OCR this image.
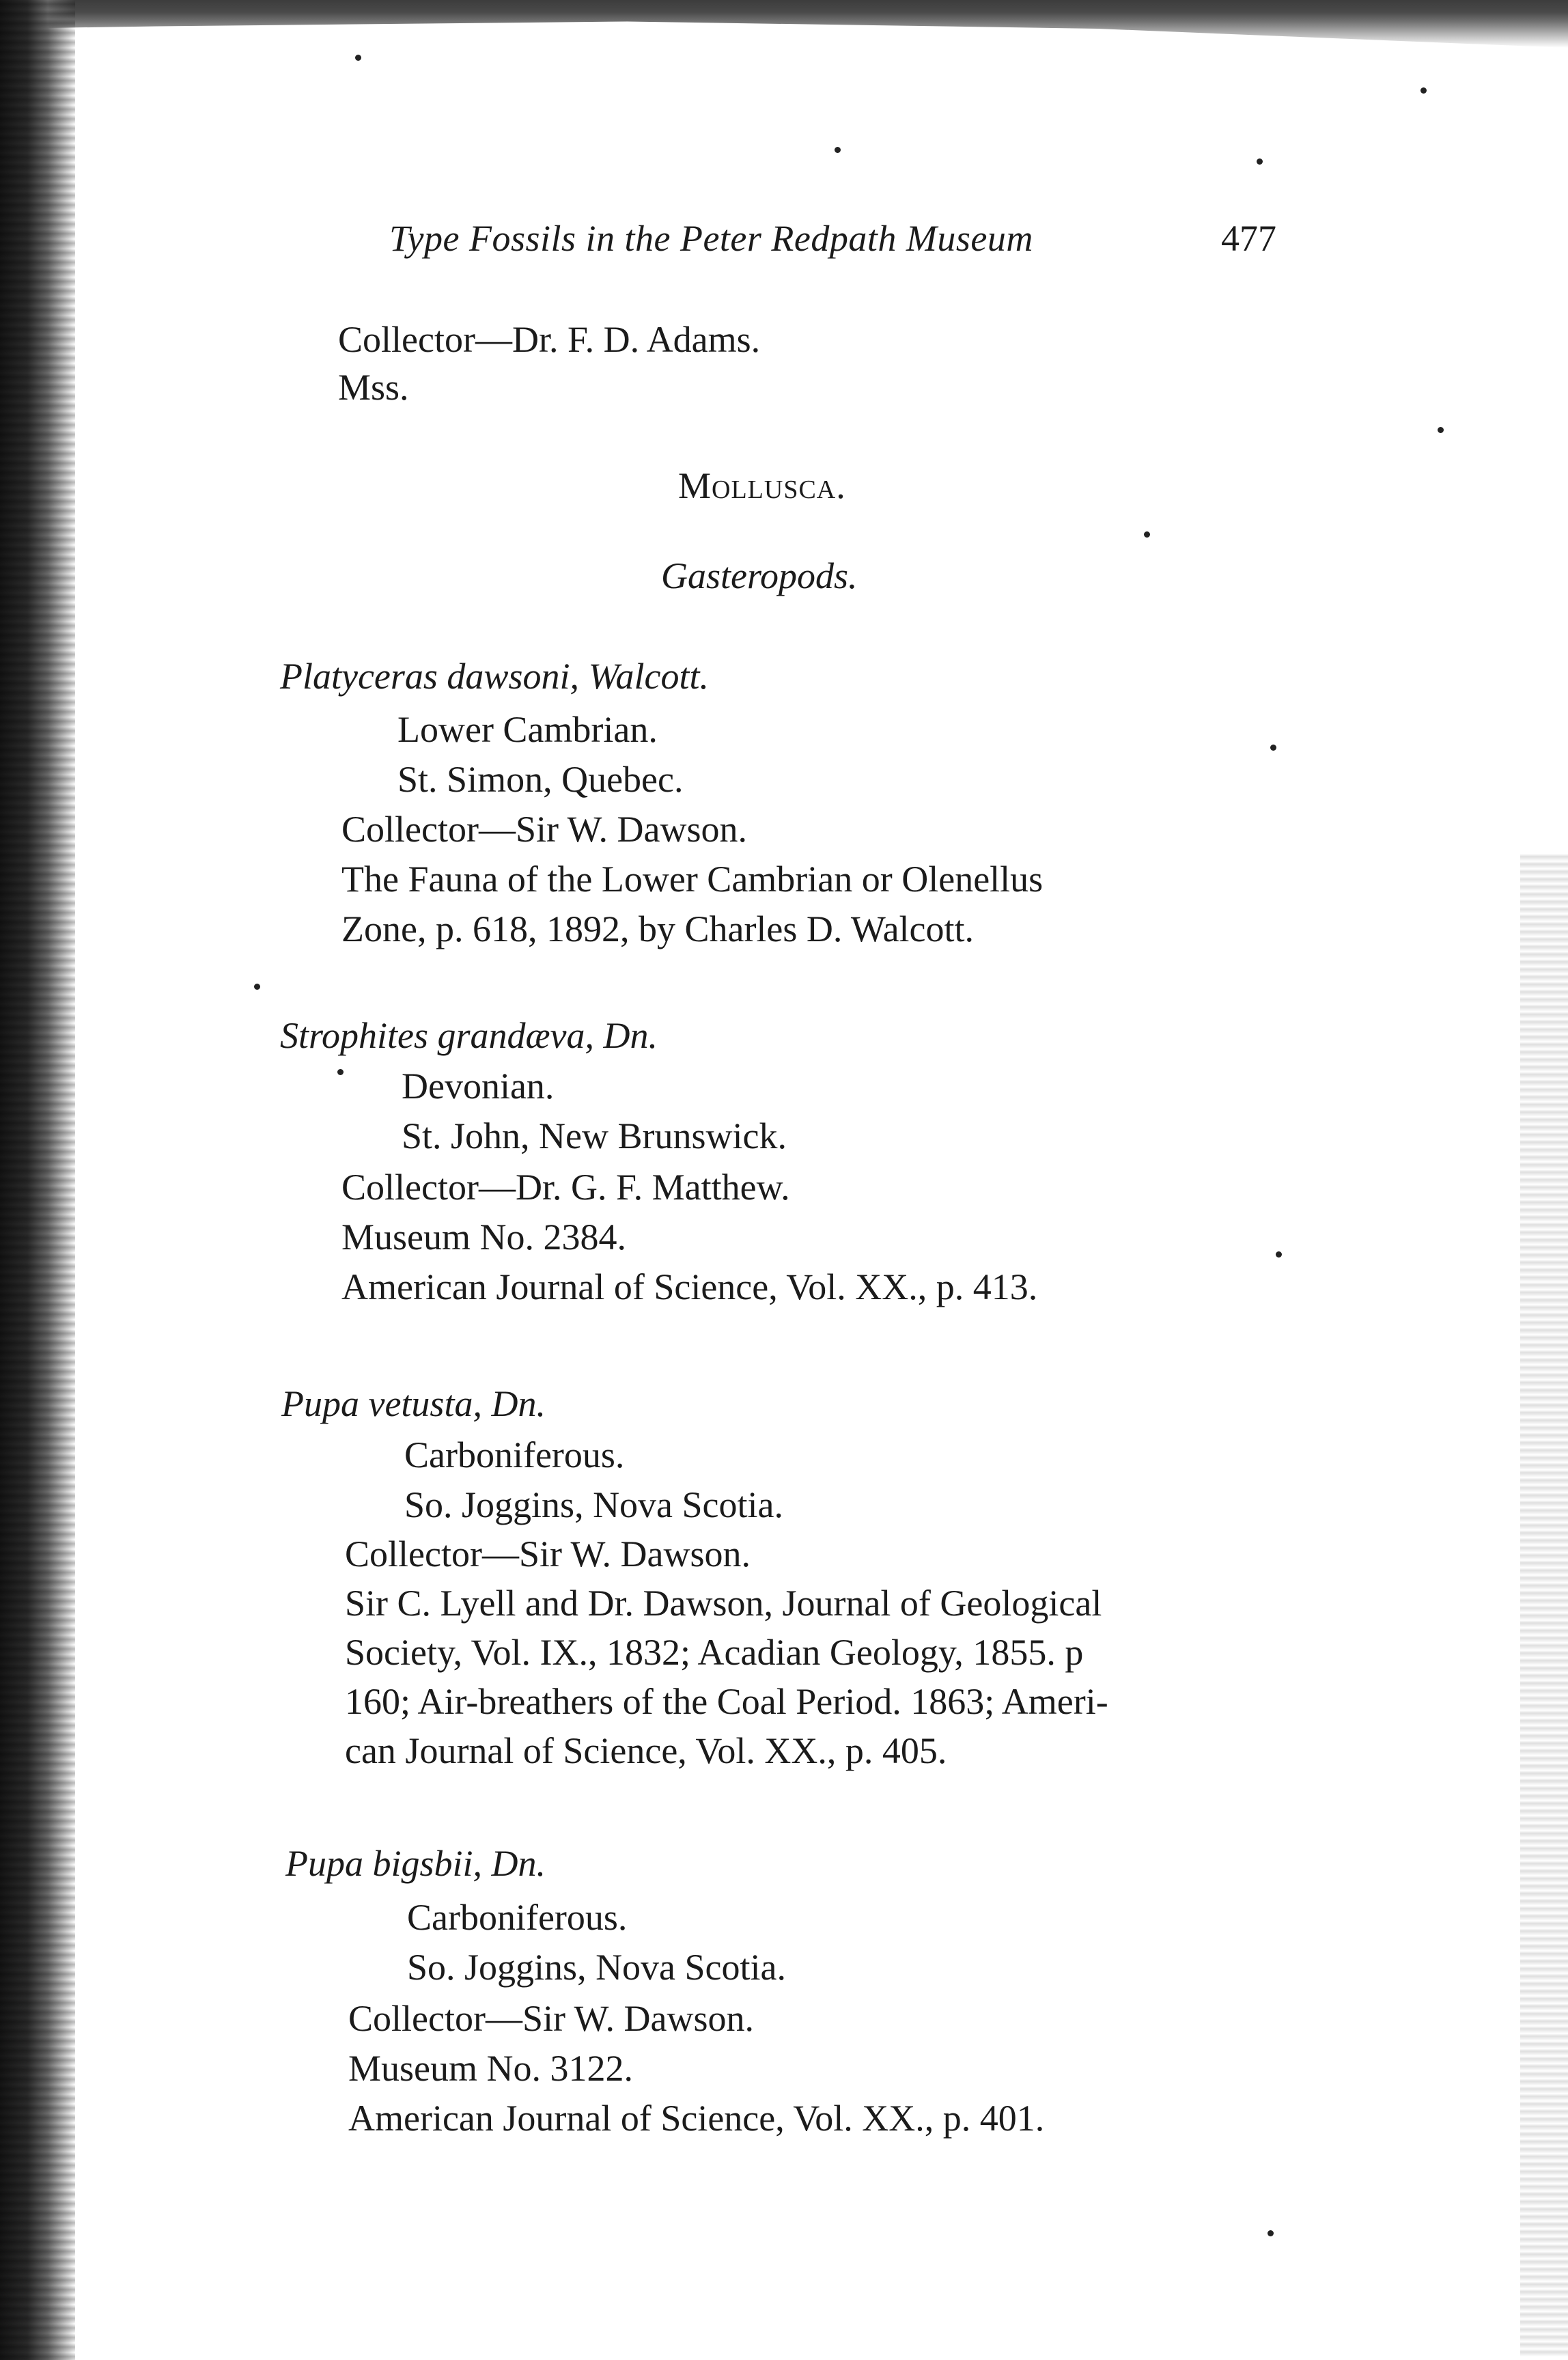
Type Fossils in the Peter Redpath Museum	477
Collector—Dr. F. D. Adams.
Mss.
Mollusca.
Gasteropods.
Platyceras dawsoni, Walcott.
Lower Cambrian.
St. Simon, Quebec.
Collector—Sir W. Dawson.
The Fauna of the Lower Cambrian or Olenellus
Zone, p. 618, 1892, by Charles D. Walcott.
Strophites grandæva, Dn.
Devonian.
St. John, New Brunswick.
Collector—Dr. G. F. Matthew.
Museum No. 2384.
American Journal of Science, Vol. XX., p. 413.
Pupa vetusta, Dn.
Carboniferous.
So. Joggins, Nova Scotia.
Collector—Sir W. Dawson.
Sir C. Lyell and Dr. Dawson, Journal of Geological
Society, Vol. IX., 1832; Acadian Geology, 1855. p
160; Air-breathers of the Coal Period. 1863; Ameri-
can Journal of Science, Vol. XX., p. 405.
Pupa bigsbii, Dn.
Carboniferous.
So. Joggins, Nova Scotia.
Collector—Sir W. Dawson.
Museum No. 3122.
American Journal of Science, Vol. XX., p. 401.
